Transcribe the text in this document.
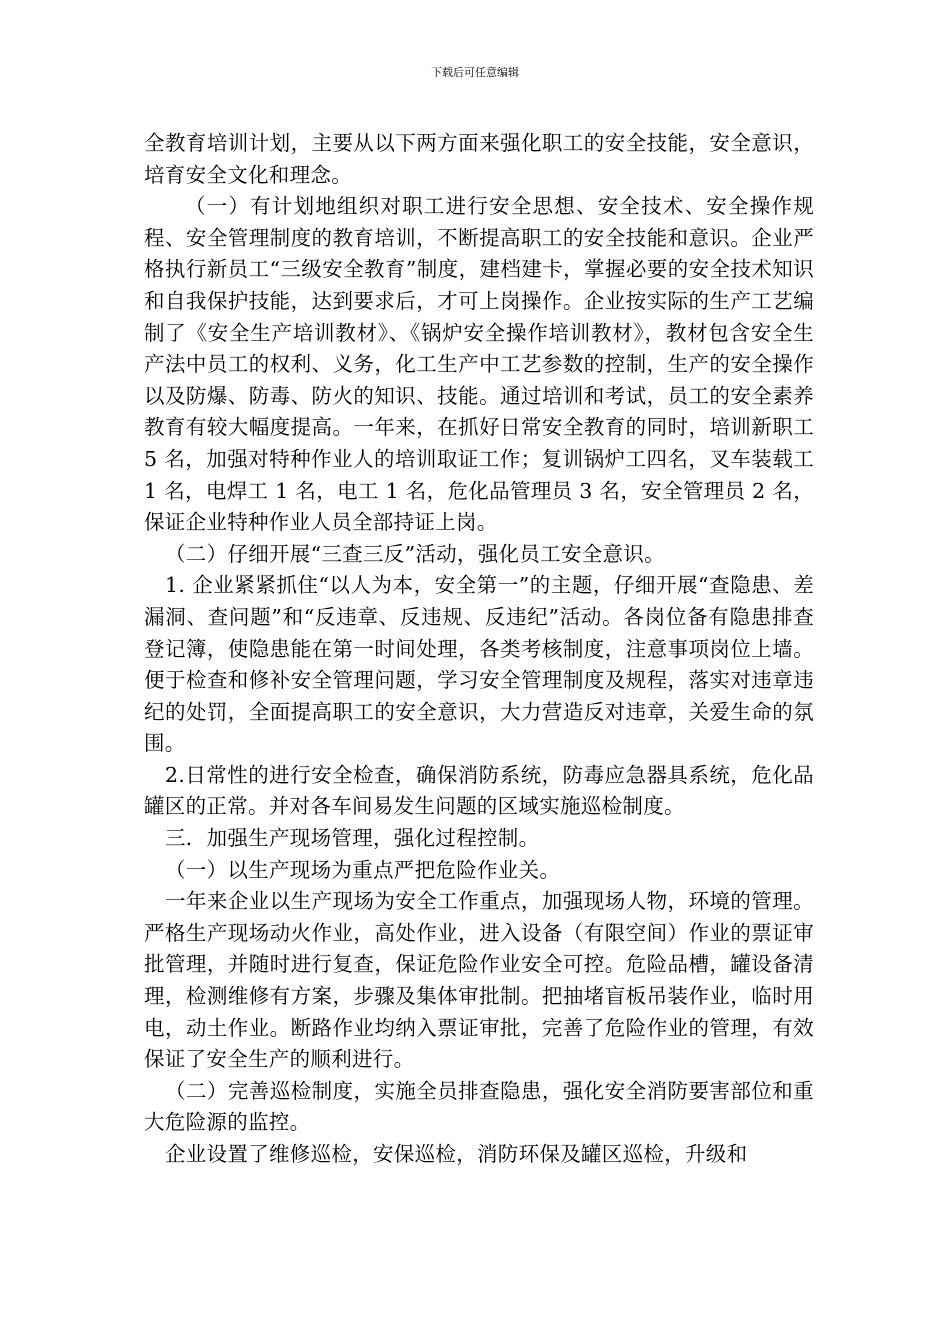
下载后可任意编辑

全教育培训计划，主要从以下两方面来强化职工的安全技能，安全意识，培育安全文化和理念。

（一）有计划地组织对职工进行安全思想、安全技术、安全操作规程、安全管理制度的教育培训，不断提高职工的安全技能和意识。企业严格执行新员工“三级安全教育”制度，建档建卡，掌握必要的安全技术知识和自我保护技能，达到要求后，才可上岗操作。企业按实际的生产工艺编制了《安全生产培训教材》、《锅炉安全操作培训教材》，教材包含安全生产法中员工的权利、义务，化工生产中工艺参数的控制，生产的安全操作以及防爆、防毒、防火的知识、技能。通过培训和考试，员工的安全素养教育有较大幅度提高。一年来，在抓好日常安全教育的同时，培训新职工 5 名，加强对特种作业人的培训取证工作；复训锅炉工四名，叉车装载工 1 名，电焊工 1 名，电工 1 名，危化品管理员 3 名，安全管理员 2 名，保证企业特种作业人员全部持证上岗。

（二）仔细开展“三查三反”活动，强化员工安全意识。

1. 企业紧紧抓住“以人为本，安全第一”的主题，仔细开展“查隐患、差漏洞、查问题”和“反违章、反违规、反违纪”活动。各岗位备有隐患排查登记簿，使隐患能在第一时间处理，各类考核制度，注意事项岗位上墙。便于检查和修补安全管理问题，学习安全管理制度及规程，落实对违章违纪的处罚，全面提高职工的安全意识，大力营造反对违章，关爱生命的氛围。

2.日常性的进行安全检查，确保消防系统，防毒应急器具系统，危化品罐区的正常。并对各车间易发生问题的区域实施巡检制度。

三．加强生产现场管理，强化过程控制。

（一）以生产现场为重点严把危险作业关。

一年来企业以生产现场为安全工作重点，加强现场人物，环境的管理。严格生产现场动火作业，高处作业，进入设备（有限空间）作业的票证审批管理，并随时进行复查，保证危险作业安全可控。危险品槽，罐设备清理，检测维修有方案，步骤及集体审批制。把抽堵盲板吊装作业，临时用电，动土作业。断路作业均纳入票证审批，完善了危险作业的管理，有效保证了安全生产的顺利进行。

（二）完善巡检制度，实施全员排查隐患，强化安全消防要害部位和重大危险源的监控。

企业设置了维修巡检，安保巡检，消防环保及罐区巡检，升级和
